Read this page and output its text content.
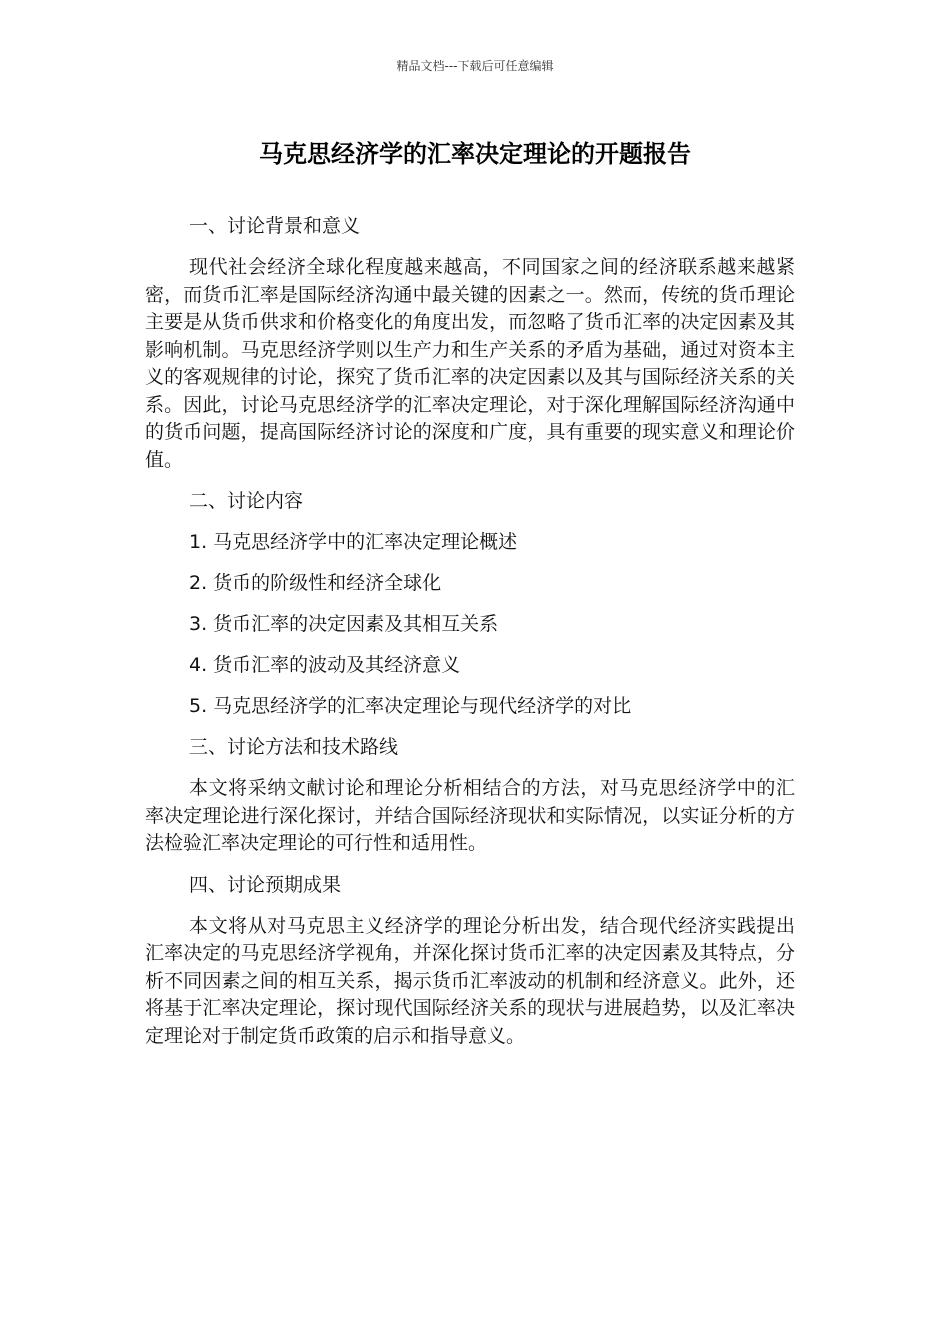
精品文档---下载后可任意编辑
马克思经济学的汇率决定理论的开题报告

一、讨论背景和意义

现代社会经济全球化程度越来越高，不同国家之间的经济联系越来越紧密，而货币汇率是国际经济沟通中最关键的因素之一。然而，传统的货币理论主要是从货币供求和价格变化的角度出发，而忽略了货币汇率的决定因素及其影响机制。马克思经济学则以生产力和生产关系的矛盾为基础，通过对资本主义的客观规律的讨论，探究了货币汇率的决定因素以及其与国际经济关系的关系。因此，讨论马克思经济学的汇率决定理论，对于深化理解国际经济沟通中的货币问题，提高国际经济讨论的深度和广度，具有重要的现实意义和理论价值。

二、讨论内容

1. 马克思经济学中的汇率决定理论概述

2. 货币的阶级性和经济全球化

3. 货币汇率的决定因素及其相互关系

4. 货币汇率的波动及其经济意义

5. 马克思经济学的汇率决定理论与现代经济学的对比

三、讨论方法和技术路线

本文将采纳文献讨论和理论分析相结合的方法，对马克思经济学中的汇率决定理论进行深化探讨，并结合国际经济现状和实际情况，以实证分析的方法检验汇率决定理论的可行性和适用性。

四、讨论预期成果

本文将从对马克思主义经济学的理论分析出发，结合现代经济实践提出汇率决定的马克思经济学视角，并深化探讨货币汇率的决定因素及其特点，分析不同因素之间的相互关系，揭示货币汇率波动的机制和经济意义。此外，还将基于汇率决定理论，探讨现代国际经济关系的现状与进展趋势，以及汇率决定理论对于制定货币政策的启示和指导意义。
